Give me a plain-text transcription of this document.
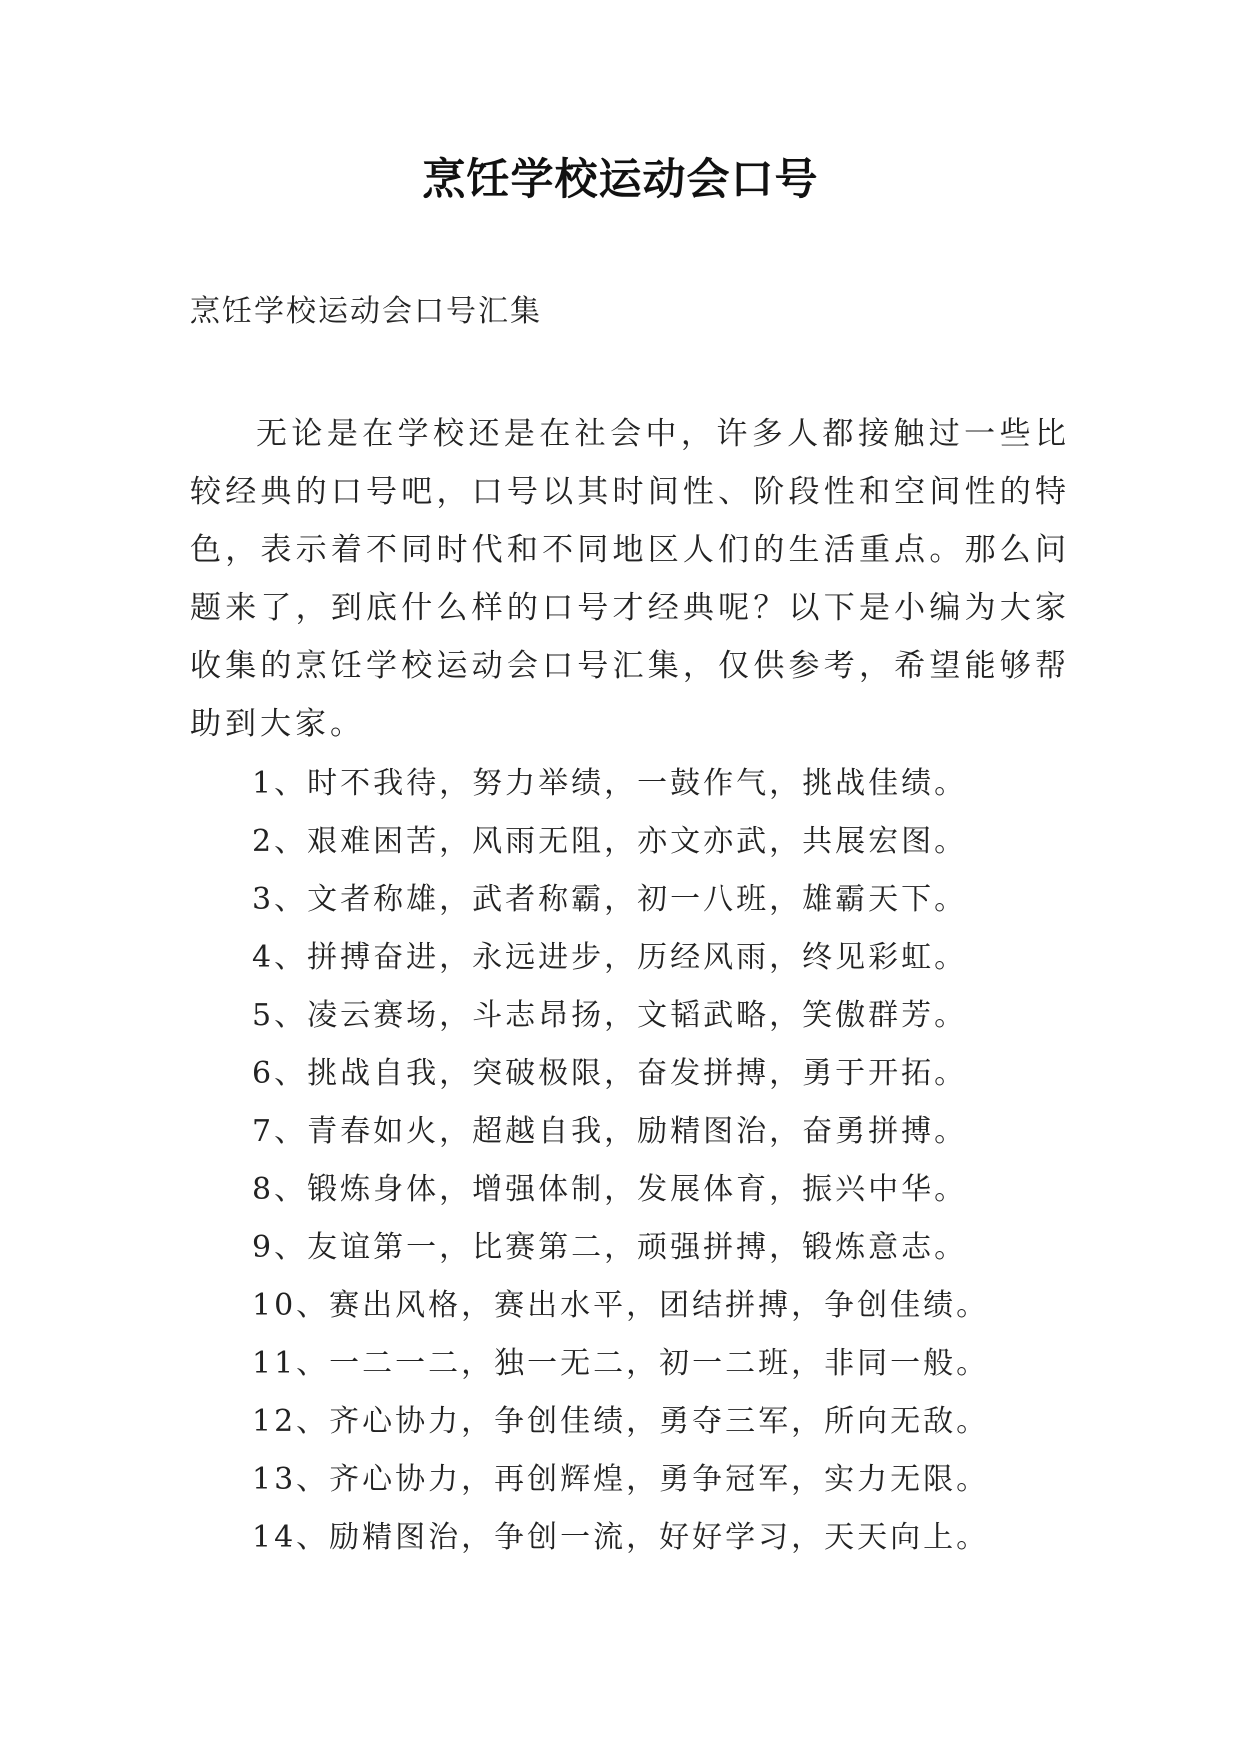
烹饪学校运动会口号
烹饪学校运动会口号汇集

无论是在学校还是在社会中，许多人都接触过一些比较经典的口号吧，口号以其时间性、阶段性和空间性的特色，表示着不同时代和不同地区人们的生活重点。那么问题来了，到底什么样的口号才经典呢？以下是小编为大家收集的烹饪学校运动会口号汇集，仅供参考，希望能够帮助到大家。

1、时不我待，努力举绩，一鼓作气，挑战佳绩。
2、艰难困苦，风雨无阻，亦文亦武，共展宏图。
3、文者称雄，武者称霸，初一八班，雄霸天下。
4、拼搏奋进，永远进步，历经风雨，终见彩虹。
5、凌云赛场，斗志昂扬，文韬武略，笑傲群芳。
6、挑战自我，突破极限，奋发拼搏，勇于开拓。
7、青春如火，超越自我，励精图治，奋勇拼搏。
8、锻炼身体，增强体制，发展体育，振兴中华。
9、友谊第一，比赛第二，顽强拼搏，锻炼意志。
10、赛出风格，赛出水平，团结拼搏，争创佳绩。
11、一二一二，独一无二，初一二班，非同一般。
12、齐心协力，争创佳绩，勇夺三军，所向无敌。
13、齐心协力，再创辉煌，勇争冠军，实力无限。
14、励精图治，争创一流，好好学习，天天向上。
